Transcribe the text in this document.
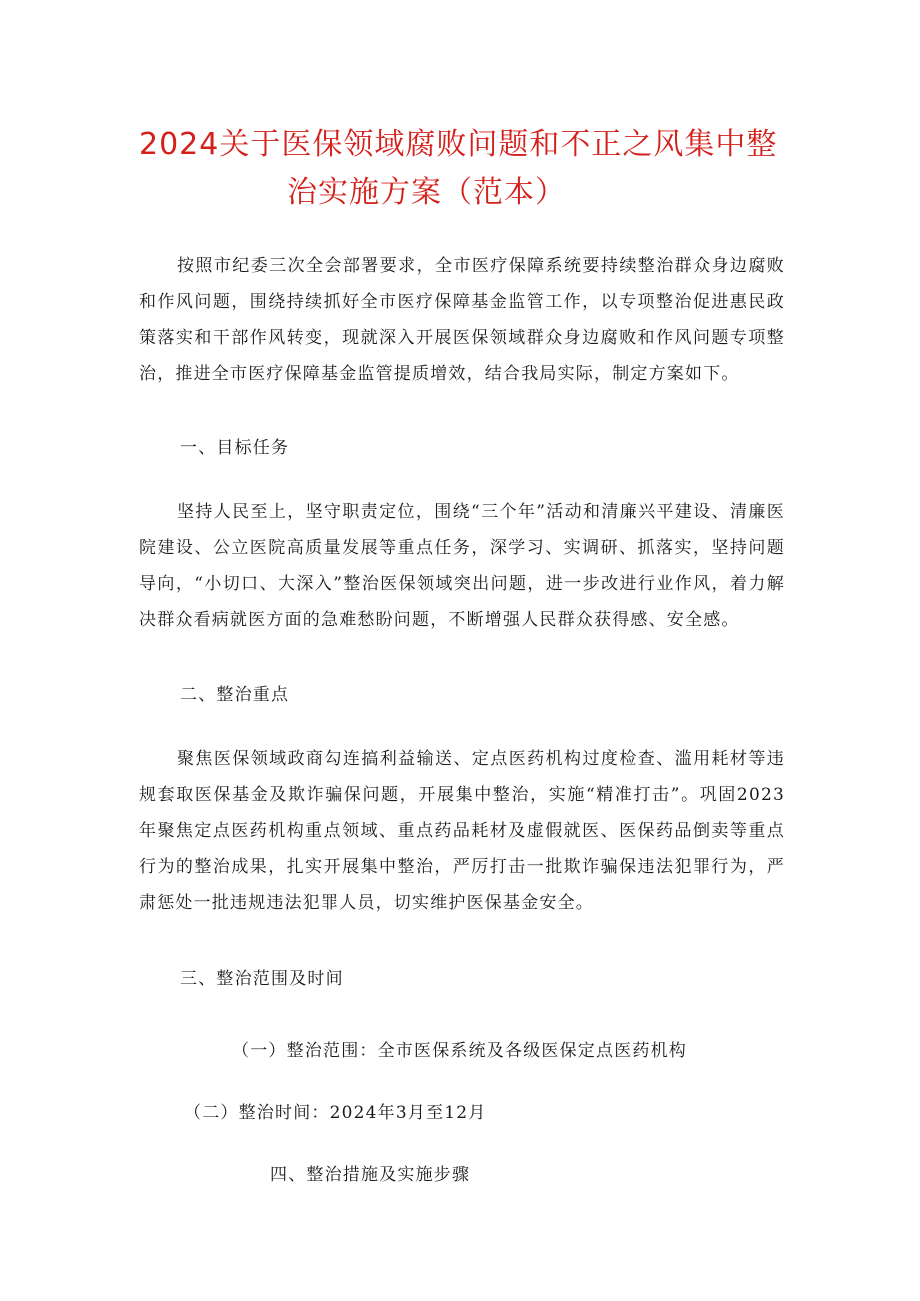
2024关于医保领域腐败问题和不正之风集中整
治实施方案（范本）

按照市纪委三次全会部署要求，全市医疗保障系统要持续整治群众身边腐败和作风问题，围绕持续抓好全市医疗保障基金监管工作，以专项整治促进惠民政策落实和干部作风转变，现就深入开展医保领域群众身边腐败和作风问题专项整治，推进全市医疗保障基金监管提质增效，结合我局实际，制定方案如下。

一、目标任务

坚持人民至上，坚守职责定位，围绕“三个年”活动和清廉兴平建设、清廉医院建设、公立医院高质量发展等重点任务，深学习、实调研、抓落实，坚持问题导向，“小切口、大深入”整治医保领域突出问题，进一步改进行业作风，着力解决群众看病就医方面的急难愁盼问题，不断增强人民群众获得感、安全感。

二、整治重点

聚焦医保领域政商勾连搞利益输送、定点医药机构过度检查、滥用耗材等违规套取医保基金及欺诈骗保问题，开展集中整治，实施“精准打击”。巩固2023年聚焦定点医药机构重点领域、重点药品耗材及虚假就医、医保药品倒卖等重点行为的整治成果，扎实开展集中整治，严厉打击一批欺诈骗保违法犯罪行为，严肃惩处一批违规违法犯罪人员，切实维护医保基金安全。

三、整治范围及时间
（一）整治范围：全市医保系统及各级医保定点医药机构
（二）整治时间：2024年3月至12月
四、整治措施及实施步骤
